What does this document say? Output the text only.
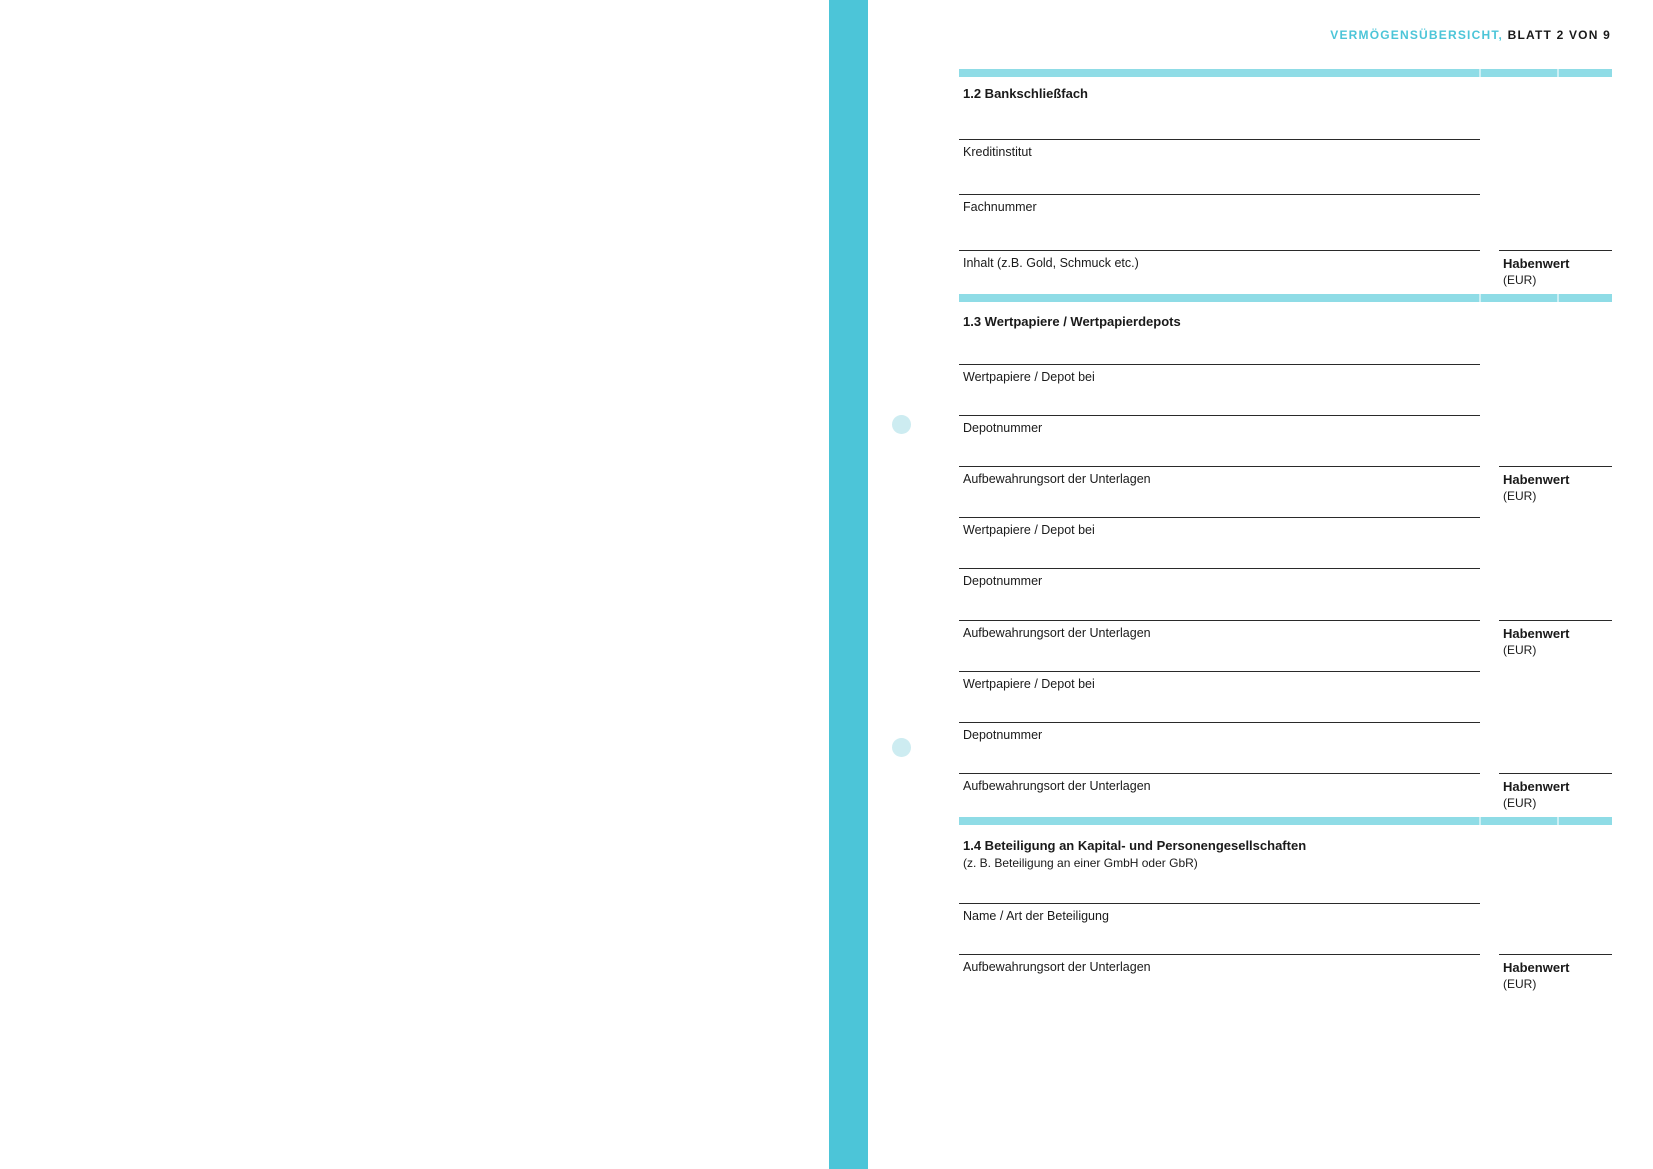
VERMÖGENSÜBERSICHT, BLATT 2 VON 9
1.2 Bankschließfach
Kreditinstitut
Fachnummer
Inhalt (z.B. Gold, Schmuck etc.)	Habenwert
(EUR)
1.3 Wertpapiere / Wertpapierdepots
Wertpapiere / Depot bei
Depotnummer
Aufbewahrungsort der Unterlagen	Habenwert
(EUR)
Wertpapiere / Depot bei
Depotnummer
Aufbewahrungsort der Unterlagen	Habenwert
(EUR)
Wertpapiere / Depot bei
Depotnummer
Aufbewahrungsort der Unterlagen	Habenwert
(EUR)
1.4 Beteiligung an Kapital- und Personengesellschaften
(z. B. Beteiligung an einer GmbH oder GbR)
Name / Art der Beteiligung
Aufbewahrungsort der Unterlagen	Habenwert
(EUR)
